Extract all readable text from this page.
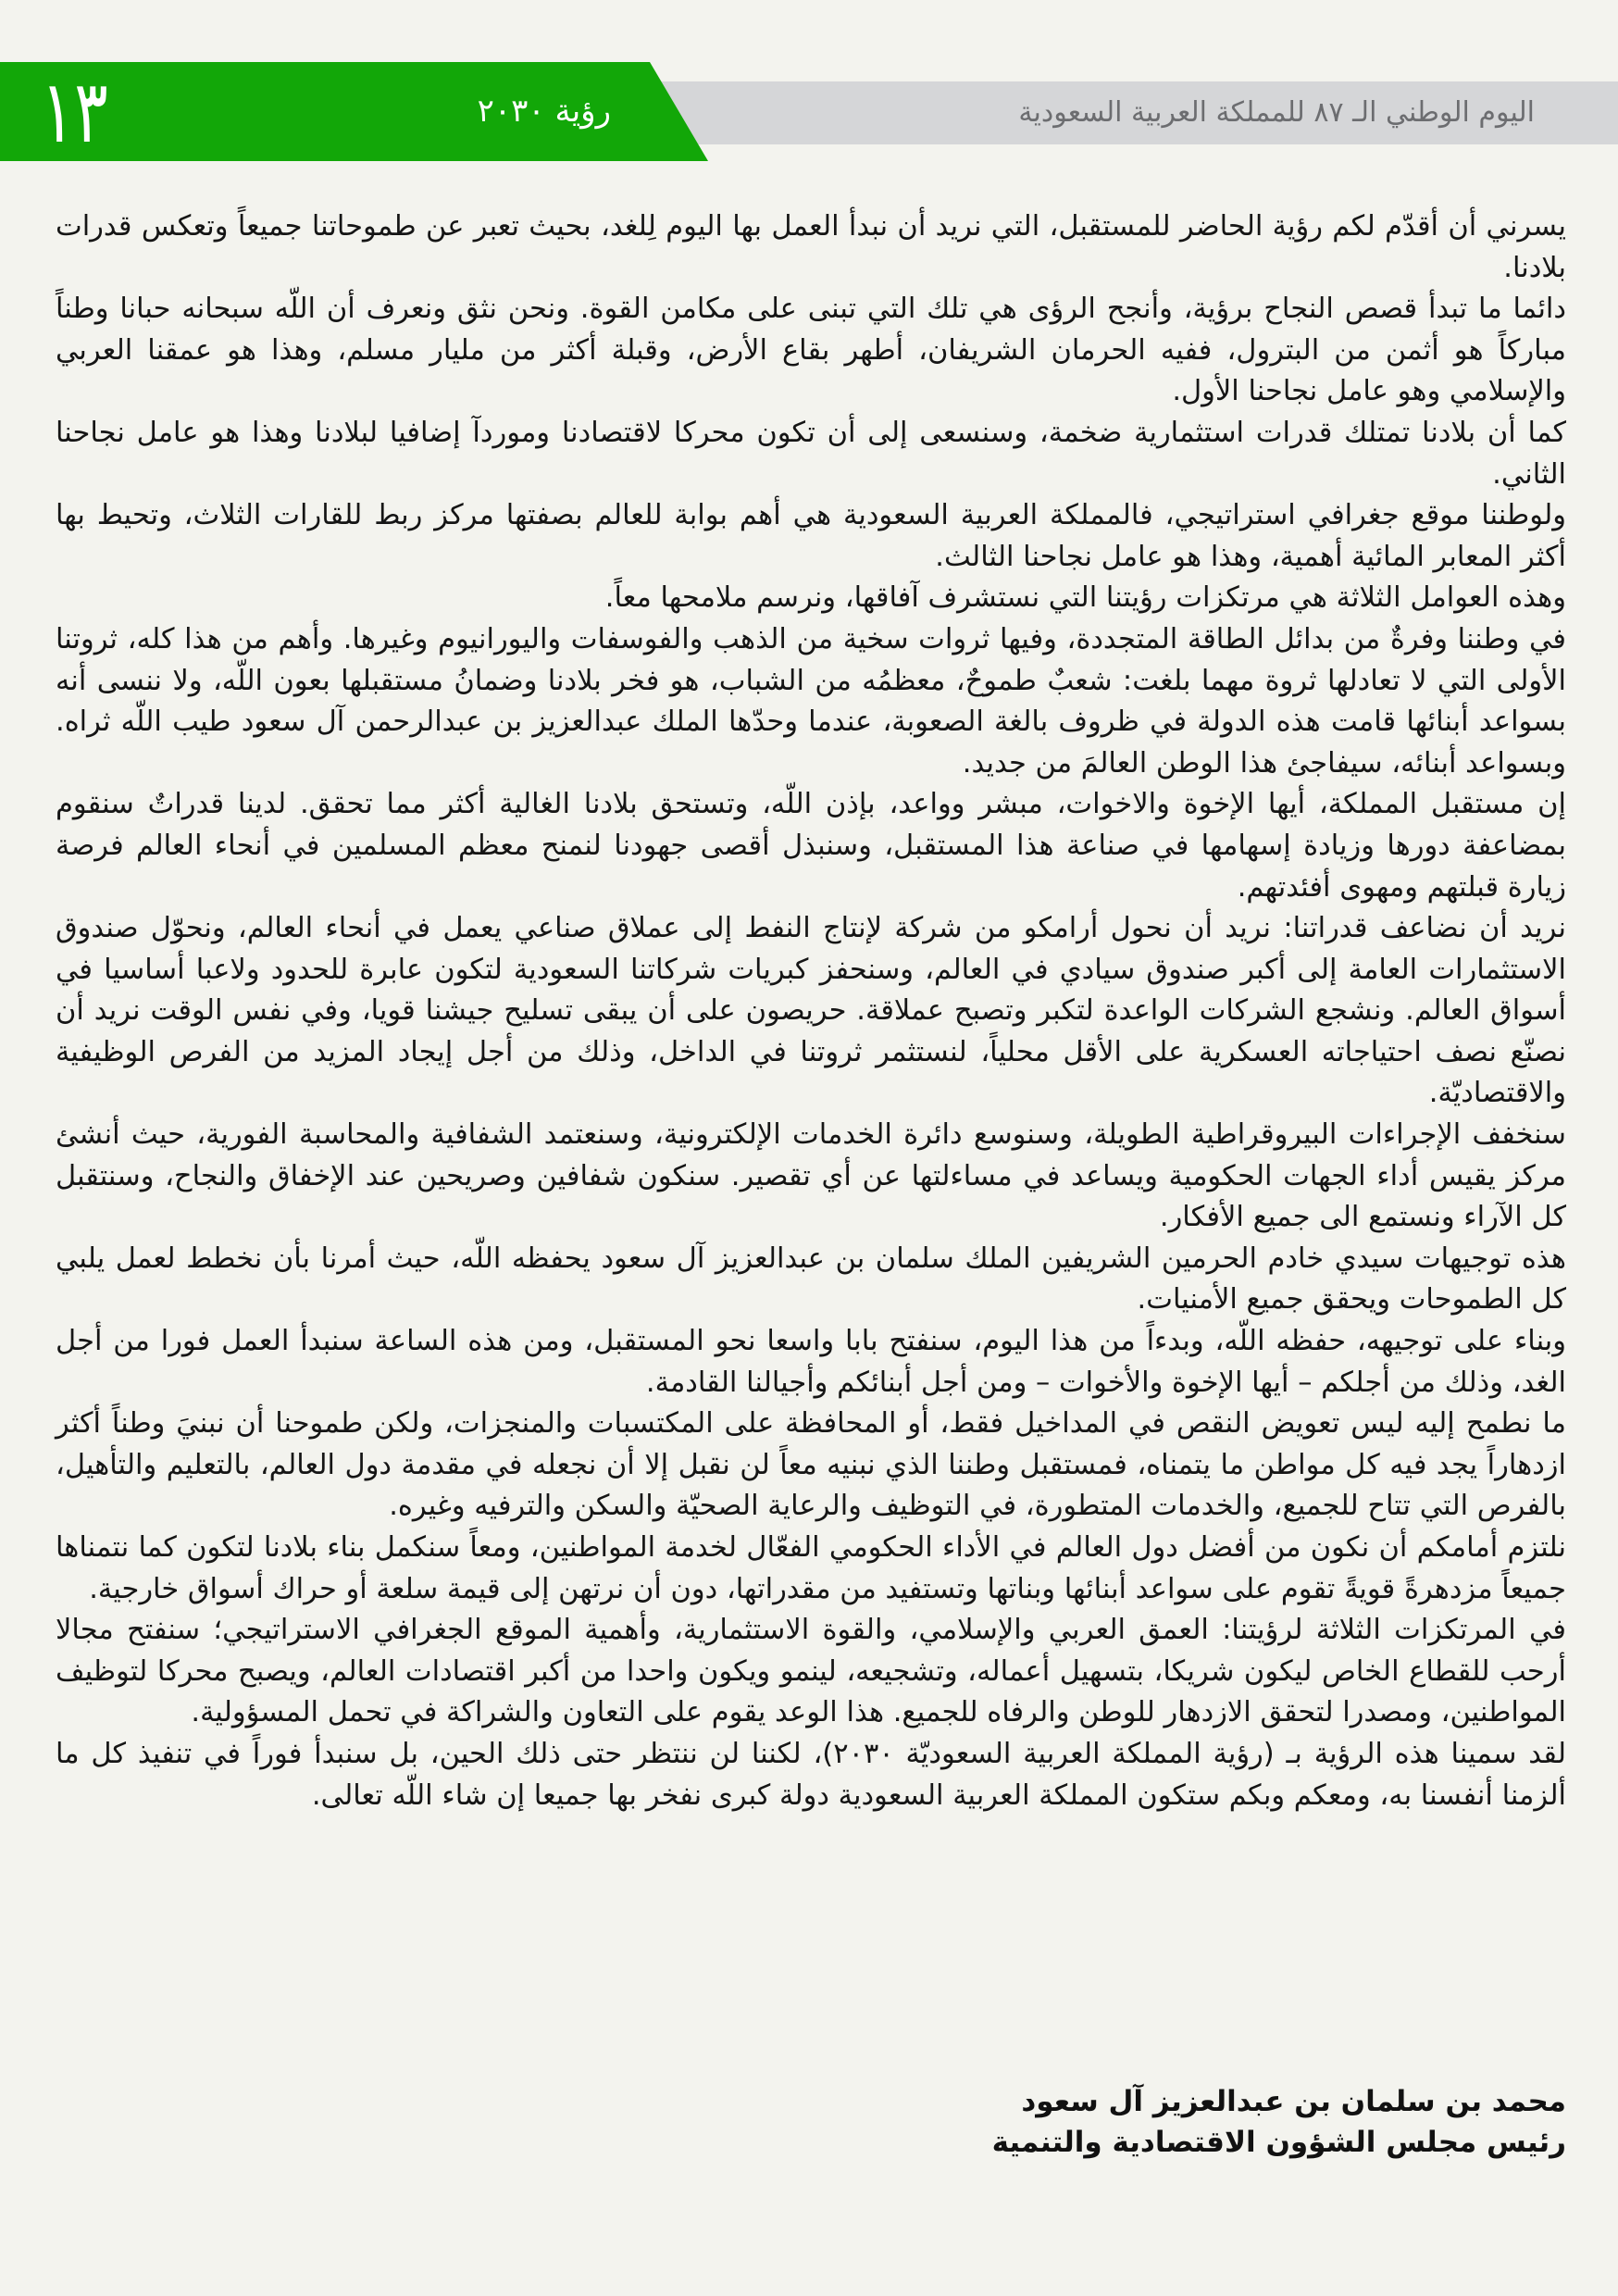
١٣	رؤية ٢٠٣٠	اليوم الوطني الـ ٨٧ للمملكة العربية السعودية

يسرني أن أقدّم لكم رؤية الحاضر للمستقبل، التي نريد أن نبدأ العمل بها اليوم لِلغد، بحيث تعبر عن طموحاتنا جميعاً وتعكس قدرات بلادنا.

دائما ما تبدأ قصص النجاح برؤية، وأنجح الرؤى هي تلك التي تبنى على مكامن القوة. ونحن نثق ونعرف أن اللّه سبحانه حبانا وطناً مباركاً هو أثمن من البترول، ففيه الحرمان الشريفان، أطهر بقاع الأرض، وقبلة أكثر من مليار مسلم، وهذا هو عمقنا العربي والإسلامي وهو عامل نجاحنا الأول.

كما أن بلادنا تمتلك قدرات استثمارية ضخمة، وسنسعى إلى أن تكون محركا لاقتصادنا وموردآ إضافيا لبلادنا وهذا هو عامل نجاحنا الثاني.

ولوطننا موقع جغرافي استراتيجي، فالمملكة العربية السعودية هي أهم بوابة للعالم بصفتها مركز ربط للقارات الثلاث، وتحيط بها أكثر المعابر المائية أهمية، وهذا هو عامل نجاحنا الثالث.

وهذه العوامل الثلاثة هي مرتكزات رؤيتنا التي نستشرف آفاقها، ونرسم ملامحها معاً.

في وطننا وفرةٌ من بدائل الطاقة المتجددة، وفيها ثروات سخية من الذهب والفوسفات واليورانيوم وغيرها. وأهم من هذا كله، ثروتنا الأولى التي لا تعادلها ثروة مهما بلغت: شعبٌ طموحٌ، معظمُه من الشباب، هو فخر بلادنا وضمانُ مستقبلها بعون اللّه، ولا ننسى أنه بسواعد أبنائها قامت هذه الدولة في ظروف بالغة الصعوبة، عندما وحدّها الملك عبدالعزيز بن عبدالرحمن آل سعود طيب اللّه ثراه. وبسواعد أبنائه، سيفاجئ هذا الوطن العالمَ من جديد.

إن مستقبل المملكة، أيها الإخوة والاخوات، مبشر وواعد، بإذن اللّه، وتستحق بلادنا الغالية أكثر مما تحقق. لدينا قدراتٌ سنقوم بمضاعفة دورها وزيادة إسهامها في صناعة هذا المستقبل، وسنبذل أقصى جهودنا لنمنح معظم المسلمين في أنحاء العالم فرصة زيارة قبلتهم ومهوى أفئدتهم.

نريد أن نضاعف قدراتنا: نريد أن نحول أرامكو من شركة لإنتاج النفط إلى عملاق صناعي يعمل في أنحاء العالم، ونحوّل صندوق الاستثمارات العامة إلى أكبر صندوق سيادي في العالم، وسنحفز كبريات شركاتنا السعودية لتكون عابرة للحدود ولاعبا أساسيا في أسواق العالم. ونشجع الشركات الواعدة لتكبر وتصبح عملاقة. حريصون على أن يبقى تسليح جيشنا قويا، وفي نفس الوقت نريد أن نصنّع نصف احتياجاته العسكرية على الأقل محلياً، لنستثمر ثروتنا في الداخل، وذلك من أجل إيجاد المزيد من الفرص الوظيفية والاقتصاديّة.

سنخفف الإجراءات البيروقراطية الطويلة، وسنوسع دائرة الخدمات الإلكترونية، وسنعتمد الشفافية والمحاسبة الفورية، حيث أنشئ مركز يقيس أداء الجهات الحكومية ويساعد في مساءلتها عن أي تقصير. سنكون شفافين وصريحين عند الإخفاق والنجاح، وسنتقبل كل الآراء ونستمع الى جميع الأفكار.

هذه توجيهات سيدي خادم الحرمين الشريفين الملك سلمان بن عبدالعزيز آل سعود يحفظه اللّه، حيث أمرنا بأن نخطط لعمل يلبي كل الطموحات ويحقق جميع الأمنيات.

وبناء على توجيهه، حفظه اللّه، وبدءاً من هذا اليوم، سنفتح بابا واسعا نحو المستقبل، ومن هذه الساعة سنبدأ العمل فورا من أجل الغد، وذلك من أجلكم – أيها الإخوة والأخوات – ومن أجل أبنائكم وأجيالنا القادمة.

ما نطمح إليه ليس تعويض النقص في المداخيل فقط، أو المحافظة على المكتسبات والمنجزات، ولكن طموحنا أن نبنيَ وطناً أكثر ازدهاراً يجد فيه كل مواطن ما يتمناه، فمستقبل وطننا الذي نبنيه معاً لن نقبل إلا أن نجعله في مقدمة دول العالم، بالتعليم والتأهيل، بالفرص التي تتاح للجميع، والخدمات المتطورة، في التوظيف والرعاية الصحيّة والسكن والترفيه وغيره.

نلتزم أمامكم أن نكون من أفضل دول العالم في الأداء الحكومي الفعّال لخدمة المواطنين، ومعاً سنكمل بناء بلادنا لتكون كما نتمناها جميعاً مزدهرةً قويةً تقوم على سواعد أبنائها وبناتها وتستفيد من مقدراتها، دون أن نرتهن إلى قيمة سلعة أو حراك أسواق خارجية.

في المرتكزات الثلاثة لرؤيتنا: العمق العربي والإسلامي، والقوة الاستثمارية، وأهمية الموقع الجغرافي الاستراتيجي؛ سنفتح مجالا أرحب للقطاع الخاص ليكون شريكا، بتسهيل أعماله، وتشجيعه، لينمو ويكون واحدا من أكبر اقتصادات العالم، ويصبح محركا لتوظيف المواطنين، ومصدرا لتحقق الازدهار للوطن والرفاه للجميع. هذا الوعد يقوم على التعاون والشراكة في تحمل المسؤولية.

لقد سمينا هذه الرؤية بـ (رؤية المملكة العربية السعوديّة ٢٠٣٠)، لكننا لن ننتظر حتى ذلك الحين، بل سنبدأ فوراً في تنفيذ كل ما ألزمنا أنفسنا به، ومعكم وبكم ستكون المملكة العربية السعودية دولة كبرى نفخر بها جميعا إن شاء اللّه تعالى.

محمد بن سلمان بن عبدالعزيز آل سعود
رئيس مجلس الشؤون الاقتصادية والتنمية
